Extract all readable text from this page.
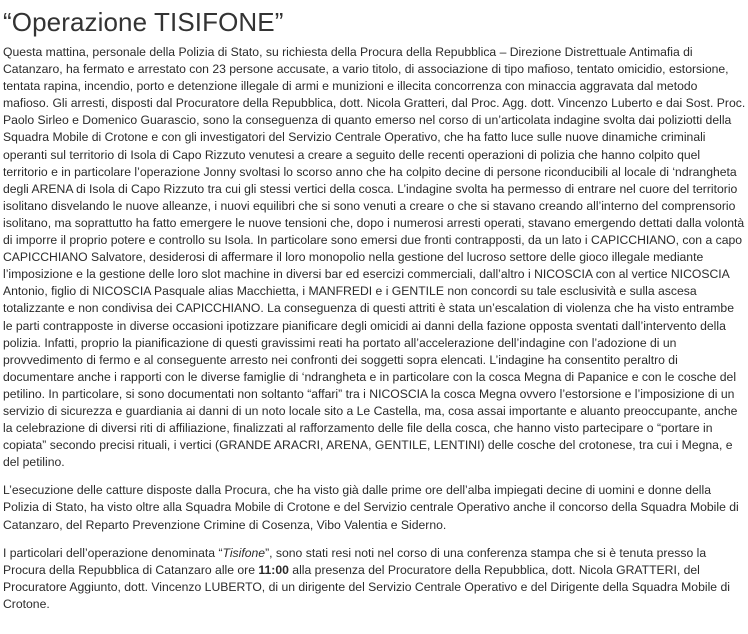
“Operazione TISIFONE”

Questa mattina, personale della Polizia di Stato, su richiesta della Procura della Repubblica – Direzione Distrettuale Antimafia di Catanzaro, ha fermato e arrestato con 23 persone accusate, a vario titolo, di associazione di tipo mafioso, tentato omicidio, estorsione, tentata rapina, incendio, porto e detenzione illegale di armi e munizioni e illecita concorrenza con minaccia aggravata dal metodo mafioso. Gli arresti, disposti dal Procuratore della Repubblica, dott. Nicola Gratteri, dal Proc. Agg. dott. Vincenzo Luberto e dai Sost. Proc. Paolo Sirleo e Domenico Guarascio, sono la conseguenza di quanto emerso nel corso di un’articolata indagine svolta dai poliziotti della Squadra Mobile di Crotone e con gli investigatori del Servizio Centrale Operativo, che ha fatto luce sulle nuove dinamiche criminali operanti sul territorio di Isola di Capo Rizzuto venutesi a creare a seguito delle recenti operazioni di polizia che hanno colpito quel territorio e in particolare l’operazione Jonny svoltasi lo scorso anno che ha colpito decine di persone riconducibili al locale di ‘ndrangheta degli ARENA di Isola di Capo Rizzuto tra cui gli stessi vertici della cosca. L’indagine svolta ha permesso di entrare nel cuore del territorio isolitano disvelando le nuove alleanze, i nuovi equilibri che si sono venuti a creare o che si stavano creando all’interno del comprensorio isolitano, ma soprattutto ha fatto emergere le nuove tensioni che, dopo i numerosi arresti operati, stavano emergendo dettati dalla volontà di imporre il proprio potere e controllo su Isola. In particolare sono emersi due fronti contrapposti, da un lato i CAPICCHIANO, con a capo CAPICCHIANO Salvatore, desiderosi di affermare il loro monopolio nella gestione del lucroso settore delle gioco illegale mediante l’imposizione e la gestione delle loro slot machine in diversi bar ed esercizi commerciali, dall’altro i NICOSCIA con al vertice NICOSCIA Antonio, figlio di NICOSCIA Pasquale alias Macchietta, i MANFREDI e i GENTILE non concordi su tale esclusività e sulla ascesa totalizzante e non condivisa dei CAPICCHIANO. La conseguenza di questi attriti è stata un’escalation di violenza che ha visto entrambe le parti contrapposte in diverse occasioni ipotizzare pianificare degli omicidi ai danni della fazione opposta sventati dall’intervento della polizia. Infatti, proprio la pianificazione di questi gravissimi reati ha portato all’accelerazione dell’indagine con l’adozione di un provvedimento di fermo e al conseguente arresto nei confronti dei soggetti sopra elencati. L’indagine ha consentito peraltro di documentare anche i rapporti con le diverse famiglie di ‘ndrangheta e in particolare con la cosca Megna di Papanice e con le cosche del petilino. In particolare, si sono documentati non soltanto “affari” tra i NICOSCIA la cosca Megna ovvero l’estorsione e l’imposizione di un servizio di sicurezza e guardiania ai danni di un noto locale sito a Le Castella, ma, cosa assai importante e aluanto preoccupante, anche la celebrazione di diversi riti di affiliazione, finalizzati al rafforzamento delle file della cosca, che hanno visto partecipare o “portare in copiata” secondo precisi rituali, i vertici (GRANDE ARACRI, ARENA, GENTILE, LENTINI) delle cosche del crotonese, tra cui i Megna, e del petilino.

L’esecuzione delle catture disposte dalla Procura, che ha visto già dalle prime ore dell’alba impiegati decine di uomini e donne della Polizia di Stato, ha visto oltre alla Squadra Mobile di Crotone e del Servizio centrale Operativo anche il concorso della Squadra Mobile di Catanzaro, del Reparto Prevenzione Crimine di Cosenza, Vibo Valentia e Siderno.

I particolari dell’operazione denominata “Tisifone”, sono stati resi noti nel corso di una conferenza stampa che si è tenuta presso la Procura della Repubblica di Catanzaro alle ore 11:00 alla presenza del Procuratore della Repubblica, dott. Nicola GRATTERI, del Procuratore Aggiunto, dott. Vincenzo LUBERTO, di un dirigente del Servizio Centrale Operativo e del Dirigente della Squadra Mobile di Crotone.
